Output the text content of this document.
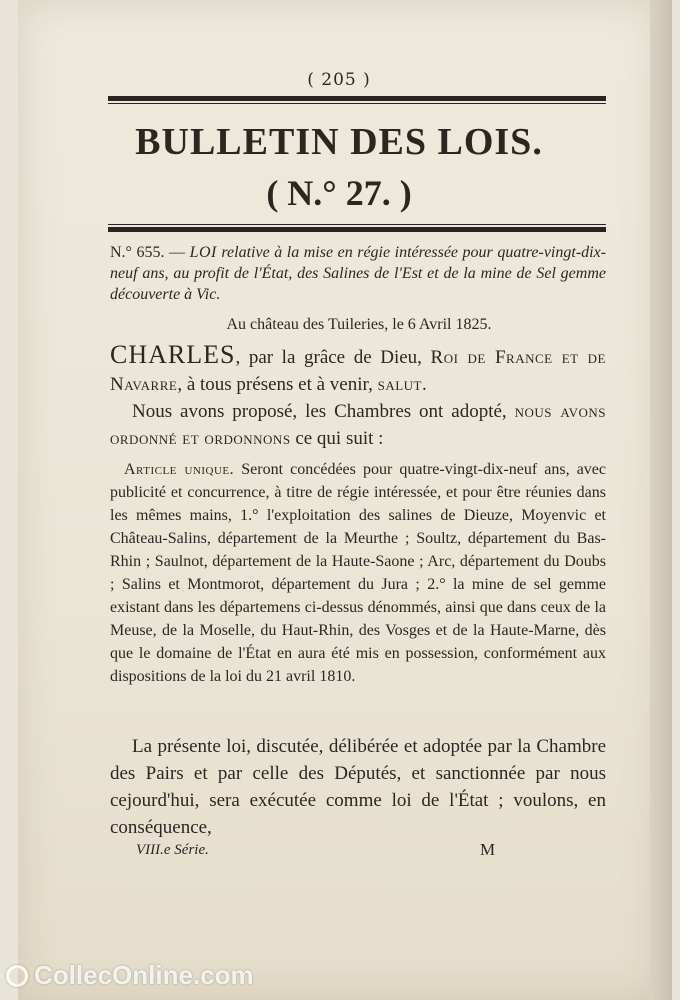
( 205 )
BULLETIN DES LOIS.
( N.° 27. )
N.° 655. — LOI relative à la mise en régie intéressée pour quatre-vingt-dix-neuf ans, au profit de l'État, des Salines de l'Est et de la mine de Sel gemme découverte à Vic.
Au château des Tuileries, le 6 Avril 1825.
CHARLES, par la grâce de Dieu, Roi de France et de Navarre, à tous présens et à venir, salut.
Nous avons proposé, les Chambres ont adopté, nous avons ordonné et ordonnons ce qui suit :
Article unique. Seront concédées pour quatre-vingt-dix-neuf ans, avec publicité et concurrence, à titre de régie intéressée, et pour être réunies dans les mêmes mains, 1.° l'exploitation des salines de Dieuze, Moyenvic et Château-Salins, département de la Meurthe ; Soultz, département du Bas-Rhin ; Saulnot, département de la Haute-Saone ; Arc, département du Doubs ; Salins et Montmorot, département du Jura ; 2.° la mine de sel gemme existant dans les départemens ci-dessus dénommés, ainsi que dans ceux de la Meuse, de la Moselle, du Haut-Rhin, des Vosges et de la Haute-Marne, dès que le domaine de l'État en aura été mis en possession, conformément aux dispositions de la loi du 21 avril 1810.
La présente loi, discutée, délibérée et adoptée par la Chambre des Pairs et par celle des Députés, et sanctionnée par nous cejourd'hui, sera exécutée comme loi de l'État ; voulons, en conséquence,
VIII.e Série.	M
CollecOnline.com
